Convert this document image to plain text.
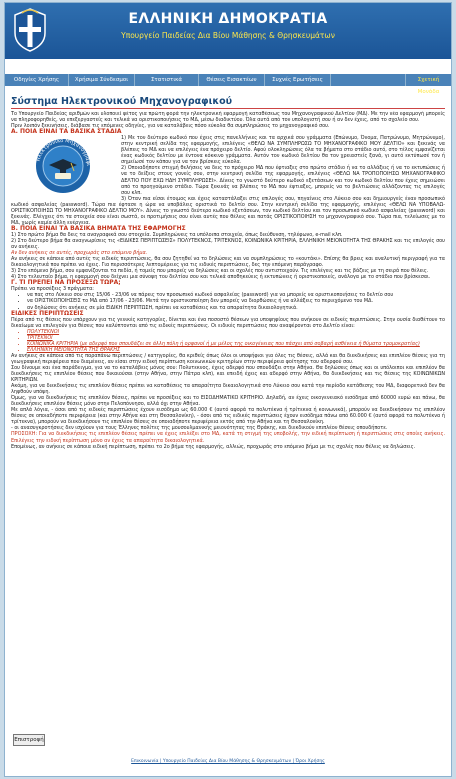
ΕΛΛΗΝΙΚΗ ΔΗΜΟΚΡΑΤΙΑ
Υπουργείο Παιδείας Δια Βίου Μάθησης & Θρησκευμάτων
Οδηγίες Χρήσης	Χρήσιμα Σύνδεσμοι	Στατιστικά	Θέσεις Εισακτέων	Συχνές Ερωτήσεις	Σχετική Μονάδα
Σύστημα Ηλεκτρονικού Μηχανογραφικού

Το Υπουργείο Παιδείας αριθμών και υλοποιεί φέτος για πρώτη φορά την ηλεκτρονική εφαρμογή καταθέσεως του Μηχανογραφικού Δελτίου (ΜΔ). Με την νέα εφαρμογή μπορείς να πληροφορηθείς, να επεξεργαστείς και τελικά να οριστικοποιήσεις το ΜΔ, μέσω διαδικτύου. Όλα αυτά από τον υπολογιστή σου ή αν δεν έχεις, από το σχολείο σου.

Πριν λοιπόν ξεκινήσεις, διάβασε τις επόμενες οδηγίες, για να καταλάβεις πόσο εύκολα θα συμπληρώσεις το μηχανογραφικό σου.

Α. ΠΟΙΑ ΕΙΝΑΙ ΤΑ ΒΑΣΙΚΑ ΣΤΑΔΙΑ

Ηλεκτρονικό Μηχανογραφι

1) Με τον δεύτερο κωδικό που έχεις στις πανελλήνιες και τα αρχικά σου γράμματα (Επώνυμο, Όνομα, Πατρώνυμο, Μητρώνυμο), στην κεντρική σελίδα της εφαρμογής, επιλέγεις «ΘΕΛΩ ΝΑ ΣΥΜΠΛΗΡΩΣΩ ΤΟ ΜΗΧΑΝΟΓΡΑΦΙΚΟ ΜΟΥ ΔΕΛΤΙΟ» και ξεκινάς να βλέπεις το ΜΔ και να επιλέγεις ένα πρόχειρο δελτίο. Αφού ολοκληρώσεις όλα τα βήματα στο στάδιο αυτό, στο τέλος εμφανίζεται ένας κωδικός δελτίου με έντονα κόκκινο γράμματα. Αυτόν τον κωδικό δελτίου θα τον χρειαστείς ξανά, γι αυτό εκτύπωσέ τον ή σημείωσέ τον κάπου για να τον βρίσκεις εύκολα.

2) Οποιαδήποτε στιγμή θελήσεις να δεις το πρόχειρο ΜΔ που έφτιαξες στο πρώτο στάδιο ή να το αλλάξεις ή να το εκτυπώσεις ή να το δείξεις στους γονείς σου, στην κεντρική σελίδα της εφαρμογής, επιλέγεις «ΘΕΛΩ ΝΑ ΤΡΟΠΟΠΟΙΗΣΩ ΜΗΧΑΝΟΓΡΑΦΙΚΟ ΔΕΛΤΙΟ ΠΟΥ ΕΧΩ ΗΔΗ ΣΥΜΠΛΗΡΩΣΕΙ». Δίνεις το γνωστό δεύτερο κωδικό εξετάσεων και τον κωδικό δελτίου που έχεις σημειώσει από το προηγούμενο στάδιο. Τώρα ξεκινάς να βλέπεις το ΜΔ που έφτιαξες, μπορείς να το βελτιώσεις αλλάζοντας τις επιλογές σου κλπ.

3) Όταν πια είσαι έτοιμος και έχεις καταστάλαξει στις επιλογές σου, πηγαίνεις στο Λύκειο σου και δημιουργείς έναν προσωπικό κωδικό ασφαλείας (password). Τώρα πια έφτασε η ώρα να υποβάλεις οριστικά το δελτίο σου. Στην κεντρική σελίδα της εφαρμογής, επιλέγεις «ΘΕΛΩ ΝΑ ΥΠΟΒΑΛΩ-ΟΡΙΣΤΙΚΟΠΟΙΗΣΩ ΤΟ ΜΗΧΑΝΟΓΡΑΦΙΚΟ ΔΕΛΤΙΟ ΜΟΥ». Δίνεις το γνωστό δεύτερο κωδικό εξετάσεων, τον κωδικό δελτίου και τον προσωπικό κωδικό ασφαλείας (password) και ξεκινάς. Ελέγχεις ότι τα στοιχεία σου είναι σωστά, οι προτιμήσεις σου είναι αυτές που θέλεις και πατάς ΟΡΙΣΤΙΚΟΠΟΙΗΣΗ το μηχανογραφικό σου. Τώρα πια, τελείωσες με το ΜΔ, χωρίς καμία άλλη ενέργεια.

Β. ΠΟΙΑ ΕΙΝΑΙ ΤΑ ΒΑΣΙΚΑ ΒΗΜΑΤΑ ΤΗΣ ΕΦΑΡΜΟΓΗΣ

1) Στο πρώτο βήμα θα δεις τα αναγραφικά σου στοιχεία. Συμπληρώνεις τα υπόλοιπα στοιχεία, όπως διεύθυνση, τηλέφωνο, e-mail κλπ.

2) Στο δεύτερο βήμα θα αναγνωρίσεις τις «ΕΙΔΙΚΕΣ ΠΕΡΙΠΤΩΣΕΙΣ» ΠΟΛΥΤΕΚΝΟΣ, ΤΡΙΤΕΚΝΟΣ, ΚΟΙΝΩΝΙΚΑ ΚΡΙΤΗΡΙΑ, ΕΛΛΗΝΙΚΗ ΜΕΙΟΝΟΤΗΤΑ ΤΗΣ ΘΡΑΚΗΣ και τις επιλογές σου αν ανήκεις.

Αν δεν ανήκεις σε αυτές, προχωράς στο επόμενο βήμα.

Αν ανήκεις σε κάποια από αυτές τις ειδικές περιπτώσεις, θα σου ζητηθεί να το δηλώσεις και να συμπληρώσεις το «κουτάκι». Επίσης θα βρεις και αναλυτική περιγραφή για τα δικαιολογητικά που πρέπει να έχεις. Για περισσότερες λεπτομέρειες για τις ειδικές περιπτώσεις, δες την επόμενη παράγραφο.

3) Στο επόμενο βήμα, σου εμφανίζονται τα πεδία, ή τομείς που μπορείς να δηλώσεις και οι σχολές που αντιστοιχούν. Τις επιλέγεις και τις βάζεις με τη σειρά που θέλεις.

4) Στο τελευταίο βήμα, η εφαρμογή σου δείχνει μια σύνοψη του δελτίου σου και τελικά αποθηκεύεις ή εκτυπώνεις ή οριστικοποιείς, ανάλογα με το στάδιο που βρίσκεσαι.

Γ. ΤΙ ΠΡΕΠΕΙ ΝΑ ΠΡΟΣΕΞΩ ΤΩΡΑ;

Πρέπει να προσέξεις 3 πράγματα:

• να πας στο Λύκειο σου στις 15/06 - 23/06 να πάρεις τον προσωπικό κωδικό ασφαλείας (password) για να μπορείς να οριστικοποιήσεις το δελτίο σου
• να ΟΡΙΣΤΙΚΟΠΟΙΗΣΕΙΣ το ΜΔ από 17/06 - 23/06. Μετά την οριστικοποίηση δεν μπορείς να διορθώσεις ή να αλλάξεις το περιεχόμενο του ΜΔ.
• αν δηλώσεις ότι ανήκεις σε μία ΕΙΔΙΚΗ ΠΕΡΙΠΤΩΣΗ, πρέπει να καταθέσεις και τα απαραίτητα δικαιολογητικά.

ΕΙΔΙΚΕΣ ΠΕΡΙΠΤΩΣΕΙΣ

Πέρα από τις θέσεις που υπάρχουν για τις γενικές κατηγορίες, δίνεται και ένα ποσοστό θέσεων για υποψηφίους που ανήκουν σε ειδικές περιπτώσεις. Στην ουσία διαθέτουν το δικαίωμα να επιλεγούν για θέσεις που καλύπτονται από τις ειδικές περιπτώσεις. Οι ειδικές περιπτώσεις που αναφέρονται στο Δελτίο είναι:

• ΠΟΛΥΤΕΚΝΟΙ
• ΤΡΙΤΕΚΝΟΙ
• ΚΟΙΝΩΝΙΚΑ ΚΡΙΤΗΡΙΑ (με αδερφό που σπουδάζει σε άλλη πόλη ή ορφανοί ή με μέλος της οικογένειας που πάσχει από σοβαρή ασθένεια ή θύματα τρομοκρατίας)
• ΕΛΛΗΝΙΚΗ ΜΕΙΟΝΟΤΗΤΑ ΤΗΣ ΘΡΑΚΗΣ

Αν ανήκεις σε κάποια από τις παραπάνω περιπτώσεις / κατηγορίες, θα κριθείς όπως όλοι οι υποψήφιοι για όλες τις θέσεις, αλλά και θα διεκδικήσεις και επιπλέον θέσεις για τη γεωγραφική περιφέρεια που διαμένεις, αν είσαι στην ειδική περίπτωση κοινωνικών κριτηρίων στην περιφέρεια φοίτησης του αδερφού σου.

Σου δίνουμε και ένα παράδειγμα, για να το καταλάβεις μόνος σου: Πολυτεκνος, έχεις αδερφό που σπουδάζει στην Αθήνα. Θα δηλώσεις όπως και οι υπόλοιποι και επιπλέον θα διεκδικήσεις τις επιπλέον θέσεις που δικαιούσαι (στην Αθήνα, στην Πάτρα κλπ), και επειδή έχεις και αδερφό στην Αθήνα, θα διεκδικήσεις και τις θέσεις της ΚΟΙΝΩΝΙΚΩΝ ΚΡΙΤΗΡΙΩΝ.

Ακόμη, για να διεκδικήσεις τις επιπλέον θέσεις πρέπει να καταθέσεις τα απαραίτητα δικαιολογητικά στο Λύκειο σου κατά την περίοδο κατάθεσης του ΜΔ, διαφορετικά δεν θα ληφθούν υπόψη.

Όμως, για να διεκδικήσεις τις επιπλέον θέσεις, πρέπει να προσέξεις και το ΕΙΣΟΔΗΜΑΤΙΚΟ ΚΡΙΤΗΡΙΟ. Δηλαδή, αν έχεις οικογενειακό εισόδημα από 60000 ευρώ και πάνω, θα διεκδικήσεις επιπλέον θέσεις μόνο στην Πελοπόννησο, αλλά όχι στην Αθήνα.

Με απλά λόγια, - όσοι από τις ειδικές περιπτώσεις έχουν εισόδημα ως 60.000 € (αυτό αφορά τα πολυτέκνα ή τρίτεκνα ή κοινωνικά), μπορούν να διεκδικήσουν τις επιπλέον θέσεις σε οποιαδήποτε περιφέρεια (και στην Αθήνα και στη Θεσσαλονίκη), - όσοι από τις ειδικές περιπτώσεις έχουν εισόδημα πάνω από 60.000 € (αυτό αφορά τα πολυτέκνα ή τρίτεκνα), μπορούν να διεκδικήσουν τις επιπλέον θέσεις σε οποιαδήποτε περιφέρεια εκτός από την Αθήνα και τη Θεσσαλονίκη.

- οι ανασυγκροτήσεις δεν ισχύουν για τους Έλληνες πολίτες της μουσουλμανικής μειονότητας της Θράκης, και διεκδικούν επιπλέον θέσεις οπουδήποτε.

ΠΡΟΣΟΧΗ: Για να διεκδικήσεις τις επιπλέον θέσεις πρέπει να έχεις επιλέξει στο ΜΔ, κατά τη στιγμή της υποβολής, την ειδική περίπτωση ή περιπτώσεις στις οποίες ανήκεις. Επιλέγεις την ειδική περίπτωση μόνο αν έχεις τα απαραίτητα δικαιολογητικά.

Επομένως, αν ανήκεις σε κάποια ειδική περίπτωση, πρέπει το 2ο βήμα της εφαρμογής, αλλιώς, προχωράς στο επόμενο βήμα με τις σχολές που θέλεις να δηλώσεις.

Επιστροφή
Επικοινωνία | Υπουργείο Παιδείας Δια Βίου Μάθησης & Θρησκευμάτων | Όροι Χρήσης
